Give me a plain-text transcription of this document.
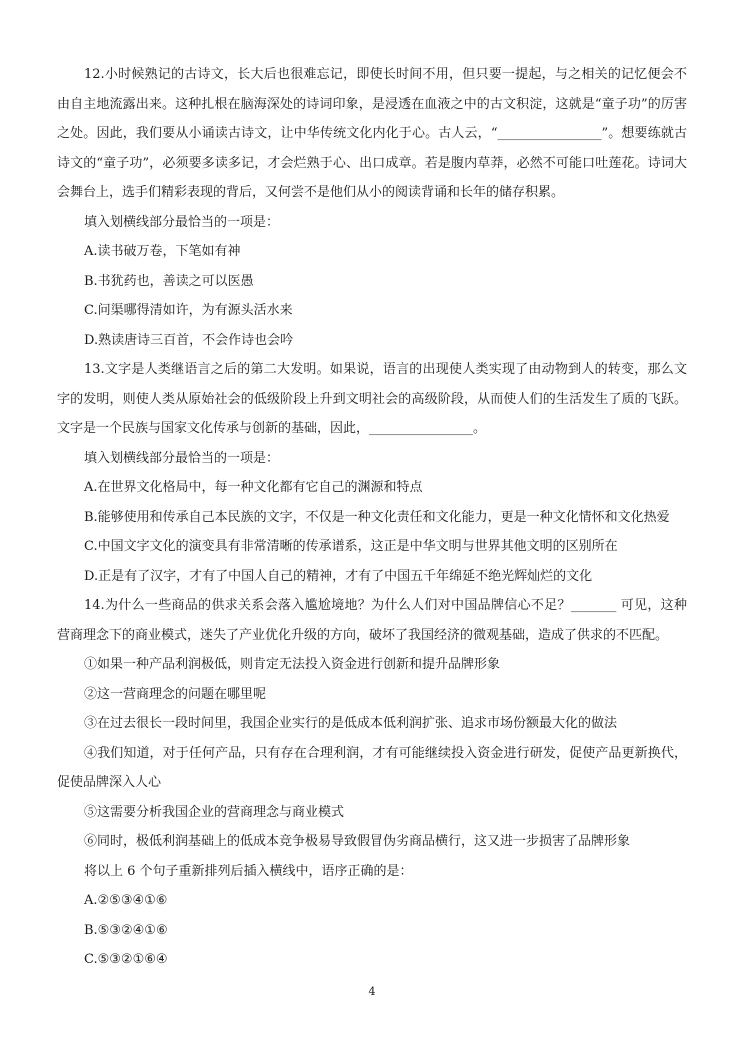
12.小时候熟记的古诗文，长大后也很难忘记，即使长时间不用，但只要一提起，与之相关的记忆便会不由自主地流露出来。这种扎根在脑海深处的诗词印象，是浸透在血液之中的古文积淀，这就是“童子功”的厉害之处。因此，我们要从小诵读古诗文，让中华传统文化内化于心。古人云，“________________”。想要练就古诗文的“童子功”，必须要多读多记，才会烂熟于心、出口成章。若是腹内草莽，必然不可能口吐莲花。诗词大会舞台上，选手们精彩表现的背后，又何尝不是他们从小的阅读背诵和长年的储存积累。

填入划横线部分最恰当的一项是：

A.读书破万卷，下笔如有神

B.书犹药也，善读之可以医愚

C.问渠哪得清如许，为有源头活水来

D.熟读唐诗三百首，不会作诗也会吟

13.文字是人类继语言之后的第二大发明。如果说，语言的出现使人类实现了由动物到人的转变，那么文字的发明，则使人类从原始社会的低级阶段上升到文明社会的高级阶段，从而使人们的生活发生了质的飞跃。文字是一个民族与国家文化传承与创新的基础，因此，________________。

填入划横线部分最恰当的一项是：

A.在世界文化格局中，每一种文化都有它自己的渊源和特点

B.能够使用和传承自己本民族的文字，不仅是一种文化责任和文化能力，更是一种文化情怀和文化热爱

C.中国文字文化的演变具有非常清晰的传承谱系，这正是中华文明与世界其他文明的区别所在

D.正是有了汉字，才有了中国人自己的精神，才有了中国五千年绵延不绝光辉灿烂的文化

14.为什么一些商品的供求关系会落入尴尬境地？为什么人们对中国品牌信心不足？_______ 可见，这种营商理念下的商业模式，迷失了产业优化升级的方向，破坏了我国经济的微观基础，造成了供求的不匹配。

①如果一种产品利润极低，则肯定无法投入资金进行创新和提升品牌形象

②这一营商理念的问题在哪里呢

③在过去很长一段时间里，我国企业实行的是低成本低利润扩张、追求市场份额最大化的做法

④我们知道，对于任何产品，只有存在合理利润，才有可能继续投入资金进行研发，促使产品更新换代，促使品牌深入人心

⑤这需要分析我国企业的营商理念与商业模式

⑥同时，极低利润基础上的低成本竞争极易导致假冒伪劣商品横行，这又进一步损害了品牌形象

将以上 6 个句子重新排列后插入横线中，语序正确的是：

A.②⑤③④①⑥

B.⑤③②④①⑥

C.⑤③②①⑥④

4
